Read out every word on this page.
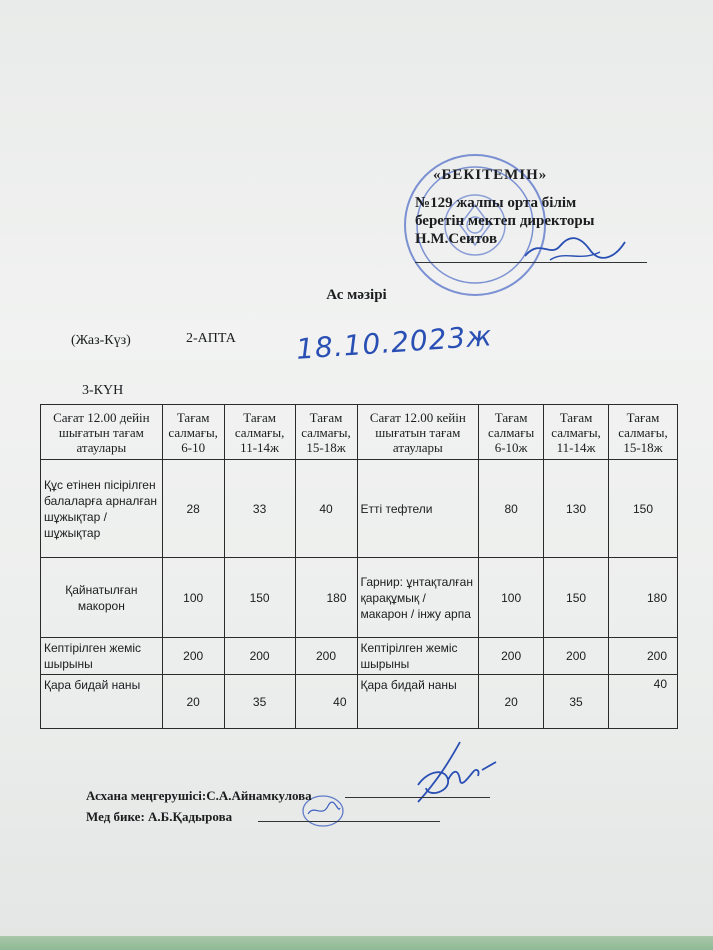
«БЕКІТЕМІН»
№129 жалпы орта білім
беретін мектеп директоры
Н.М.Сеитов
Ас мәзірі
(Жаз-Күз)	2-АПТА 18.10.2023ж
3-КҮН
Сағат 12.00 дейін шығатын тағам атаулары	Тағам салмағы, 6-10	Тағам салмағы, 11-14ж	Тағам салмағы, 15-18ж	Сағат 12.00 кейін шығатын тағам атаулары	Тағам салмағы 6-10ж	Тағам салмағы, 11-14ж	Тағам салмағы, 15-18ж
Құс етінен пісірілген балаларға арналған шұжықтар / шұжықтар	28	33	40	Етті тефтели	80	130	150
Қайнатылған макорон	100	150	180	Гарнир: ұнтақталған қарақұмық / макарон / інжу арпа	100	150	180
Кептірілген жеміс шырыны	200	200	200	Кептірілген жеміс шырыны	200	200	200
Қара бидай наны	20	35	40	Қара бидай наны	20	35	40
Асхана меңгерушісі:С.А.Айнамкулова
Мед бике: А.Б.Қадырова
